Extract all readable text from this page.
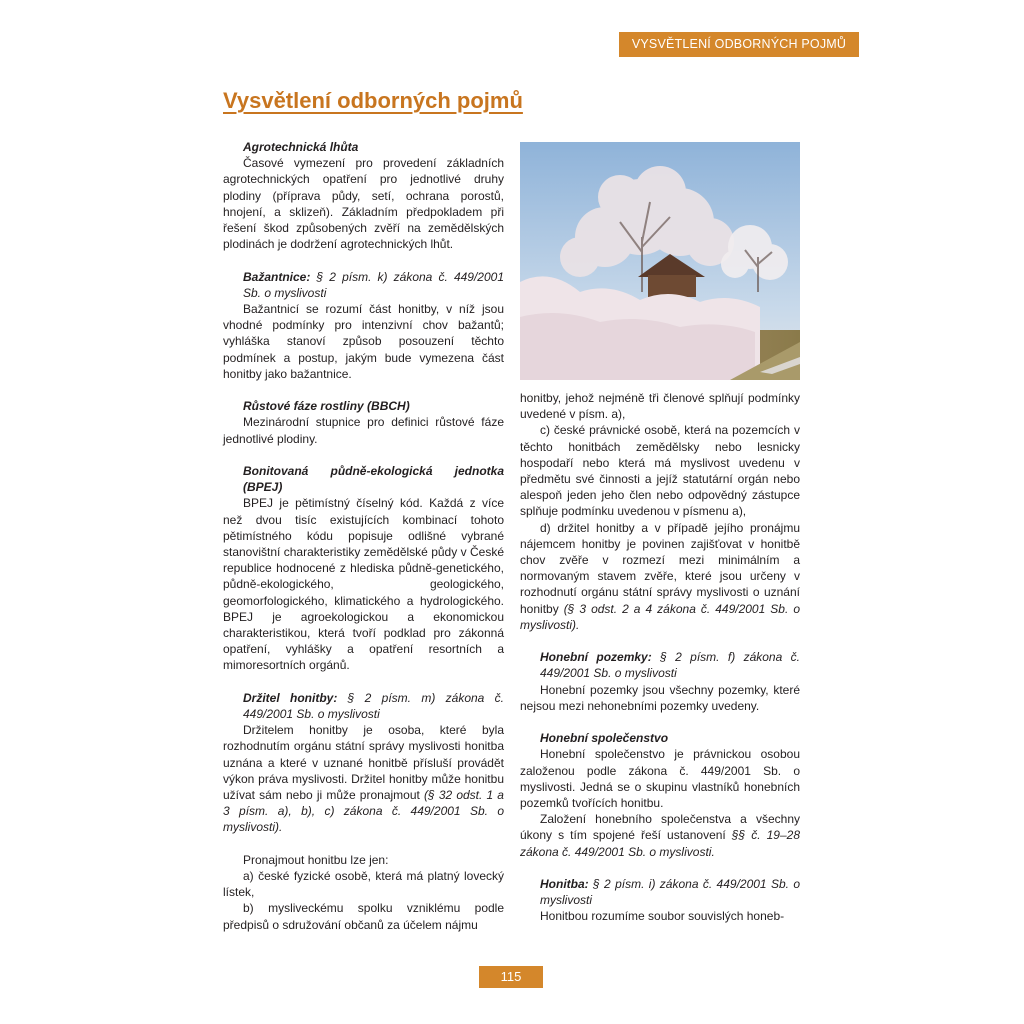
VYSVĚTLENÍ ODBORNÝCH POJMŮ
Vysvětlení odborných pojmů

Agrotechnická lhůta

Časové vymezení pro provedení základních agrotechnických opatření pro jednotlivé druhy plodiny (příprava půdy, setí, ochrana porostů, hnojení, a sklizeň). Základním předpokladem při řešení škod způsobených zvěří na zemědělských plodinách je dodržení agrotechnických lhůt.

Bažantnice: § 2 písm. k) zákona č. 449/2001 Sb. o myslivosti

Bažantnicí se rozumí část honitby, v níž jsou vhodné podmínky pro intenzivní chov bažantů; vyhláška stanoví způsob posouzení těchto podmínek a postup, jakým bude vymezena část honitby jako bažantnice.

Růstové fáze rostliny (BBCH)

Mezinárodní stupnice pro definici růstové fáze jednotlivé plodiny.

Bonitovaná půdně-ekologická jednotka (BPEJ)

BPEJ je pětimístný číselný kód. Každá z více než dvou tisíc existujících kombinací tohoto pětimístného kódu popisuje odlišné vybrané stanovištní charakteristiky zemědělské půdy v České republice hodnocené z hlediska půdně-genetického, půdně-ekologického, geologického, geomorfologického, klimatického a hydrologického. BPEJ je agroekologickou a ekonomickou charakteristikou, která tvoří podklad pro zákonná opatření, vyhlášky a opatření resortních a mimoresortních orgánů.

Držitel honitby: § 2 písm. m) zákona č. 449/2001 Sb. o myslivosti

Držitelem honitby je osoba, které byla rozhodnutím orgánu státní správy myslivosti honitba uznána a které v uznané honitbě přísluší provádět výkon práva myslivosti. Držitel honitby může honitbu užívat sám nebo ji může pronajmout (§ 32 odst. 1 a 3 písm. a), b), c) zákona č. 449/2001 Sb. o myslivosti).

Pronajmout honitbu lze jen:

a) české fyzické osobě, která má platný lovecký lístek,

b) mysliveckému spolku vzniklému podle předpisů o sdružování občanů za účelem nájmu

honitby, jehož nejméně tři členové splňují podmínky uvedené v písm. a),

c) české právnické osobě, která na pozemcích v těchto honitbách zemědělsky nebo lesnicky hospodaří nebo která má myslivost uvedenu v předmětu své činnosti a jejíž statutární orgán nebo alespoň jeden jeho člen nebo odpovědný zástupce splňuje podmínku uvedenou v písmenu a),

d) držitel honitby a v případě jejího pronájmu nájemcem honitby je povinen zajišťovat v honitbě chov zvěře v rozmezí mezi minimálním a normovaným stavem zvěře, které jsou určeny v rozhodnutí orgánu státní správy myslivosti o uznání honitby (§ 3 odst. 2 a 4 zákona č. 449/2001 Sb. o myslivosti).

Honební pozemky: § 2 písm. f) zákona č. 449/2001 Sb. o myslivosti

Honební pozemky jsou všechny pozemky, které nejsou mezi nehonebními pozemky uvedeny.

Honební společenstvo

Honební společenstvo je právnickou osobou založenou podle zákona č. 449/2001 Sb. o myslivosti. Jedná se o skupinu vlastníků honebních pozemků tvořících honitbu.

Založení honebního společenstva a všechny úkony s tím spojené řeší ustanovení §§ č. 19–28 zákona č. 449/2001 Sb. o myslivosti.

Honitba: § 2 písm. i) zákona č. 449/2001 Sb. o myslivosti

Honitbou rozumíme soubor souvislých honeb-

115
